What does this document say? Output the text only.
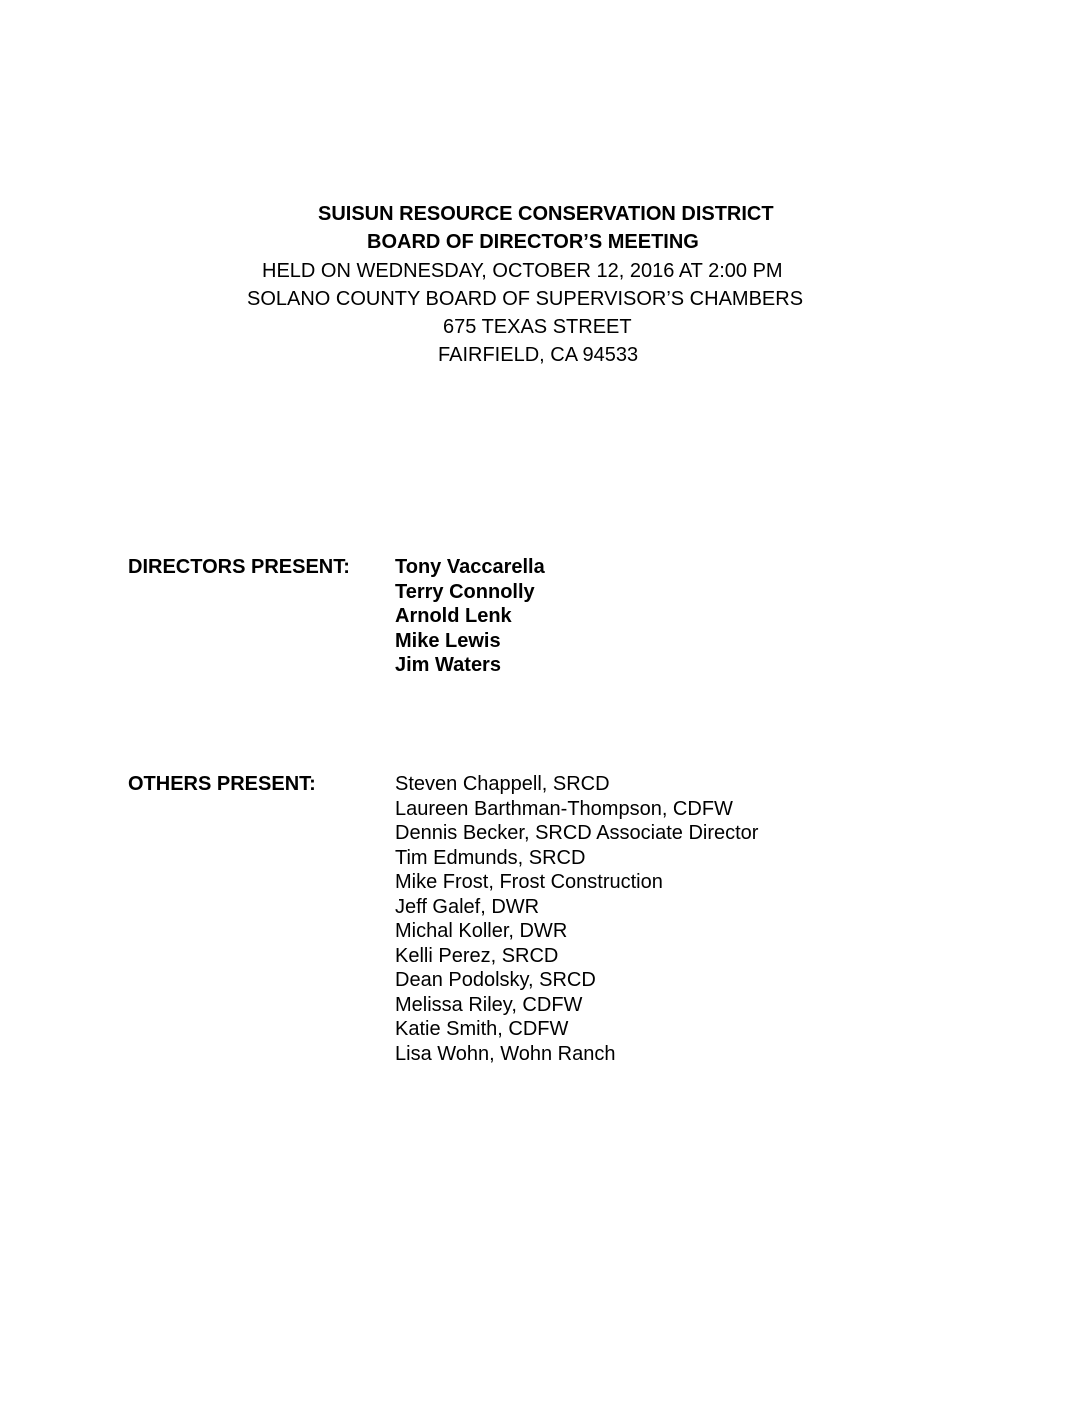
SUISUN RESOURCE CONSERVATION DISTRICT
BOARD OF DIRECTOR’S MEETING
HELD ON WEDNESDAY, OCTOBER 12, 2016 AT 2:00 PM
SOLANO COUNTY BOARD OF SUPERVISOR’S CHAMBERS
675 TEXAS STREET
FAIRFIELD, CA 94533
DIRECTORS PRESENT: Tony Vaccarella
Terry Connolly
Arnold Lenk
Mike Lewis
Jim Waters
OTHERS PRESENT:	Steven Chappell, SRCD
Laureen Barthman-Thompson, CDFW
Dennis Becker, SRCD Associate Director
Tim Edmunds, SRCD
Mike Frost, Frost Construction
Jeff Galef, DWR
Michal Koller, DWR
Kelli Perez, SRCD
Dean Podolsky, SRCD
Melissa Riley, CDFW
Katie Smith, CDFW
Lisa Wohn, Wohn Ranch
